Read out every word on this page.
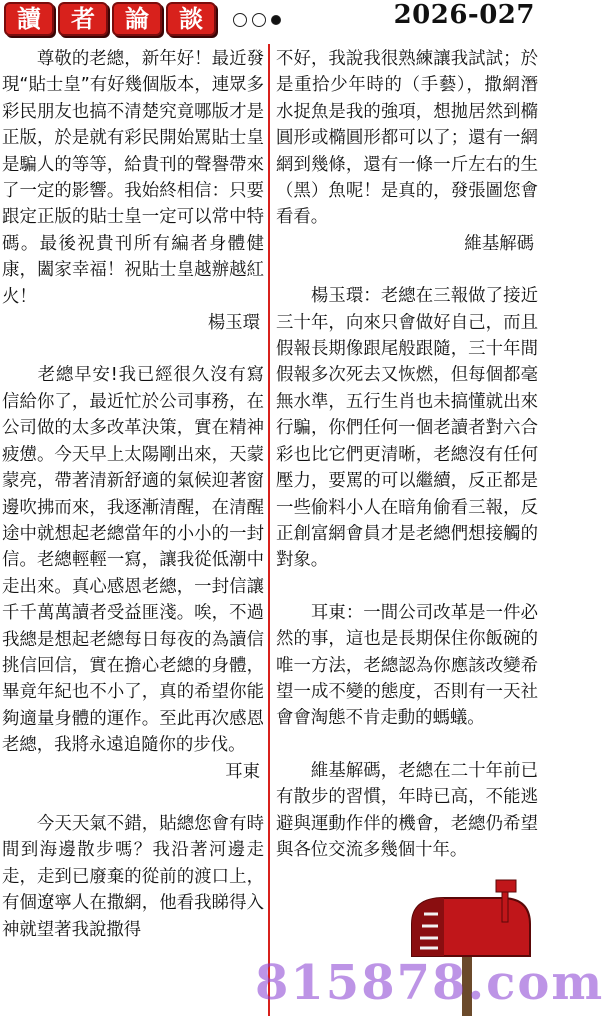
讀	者	論	談	2026-027
尊敬的老總，新年好！最近發現“貼士皇”有好幾個版本，連眾多彩民朋友也搞不清楚究竟哪版才是正版，於是就有彩民開始罵貼士皇是騙人的等等，給貴刊的聲譽帶來了一定的影響。我始終相信：只要跟定正版的貼士皇一定可以常中特碼。最後祝貴刊所有編者身體健康，闔家幸福！祝貼士皇越辦越紅火！
楊玉環
老總早安!我已經很久沒有寫信給你了，最近忙於公司事務，在公司做的太多改革決策，實在精神疲憊。今天早上太陽剛出來，天蒙蒙亮，帶著清新舒適的氣候迎著窗邊吹拂而來，我逐漸清醒，在清醒途中就想起老總當年的小小的一封信。老總輕輕一寫，讓我從低潮中走出來。真心感恩老總，一封信讓千千萬萬讀者受益匪淺。唉，不過我總是想起老總每日每夜的為讀信挑信回信，實在擔心老總的身體，畢竟年紀也不小了，真的希望你能夠適量身體的運作。至此再次感恩老總，我將永遠追隨你的步伐。
耳東
今天天氣不錯，貼總您會有時間到海邊散步嗎？我沿著河邊走走，走到已廢棄的從前的渡口上，有個遼寧人在撒網，他看我睇得入神就望著我說撒得
不好，我說我很熟練讓我試試；於是重拾少年時的（手藝），撒網潛水捉魚是我的強項，想拋居然到橢圓形或橢圓形都可以了；還有一網網到幾條，還有一條一斤左右的生（黑）魚呢！是真的，發張圖您會看看。
維基解碼
楊玉環：老總在三報做了接近三十年，向來只會做好自己，而且假報長期像跟尾般跟隨，三十年間假報多次死去又恢燃，但每個都毫無水準，五行生肖也未搞懂就出來行騙，你們任何一個老讀者對六合彩也比它們更清晰，老總沒有任何壓力，要罵的可以繼續，反正都是一些偷料小人在暗角偷看三報，反正創富網會員才是老總們想接觸的對象。
耳東：一間公司改革是一件必然的事，這也是長期保住你飯碗的唯一方法，老總認為你應該改變希望一成不變的態度，否則有一天社會會淘態不肯走動的螞蟻。
維基解碼，老總在二十年前已有散步的習慣，年時已高，不能逃避與運動作伴的機會，老總仍希望與各位交流多幾個十年。
815878.com
